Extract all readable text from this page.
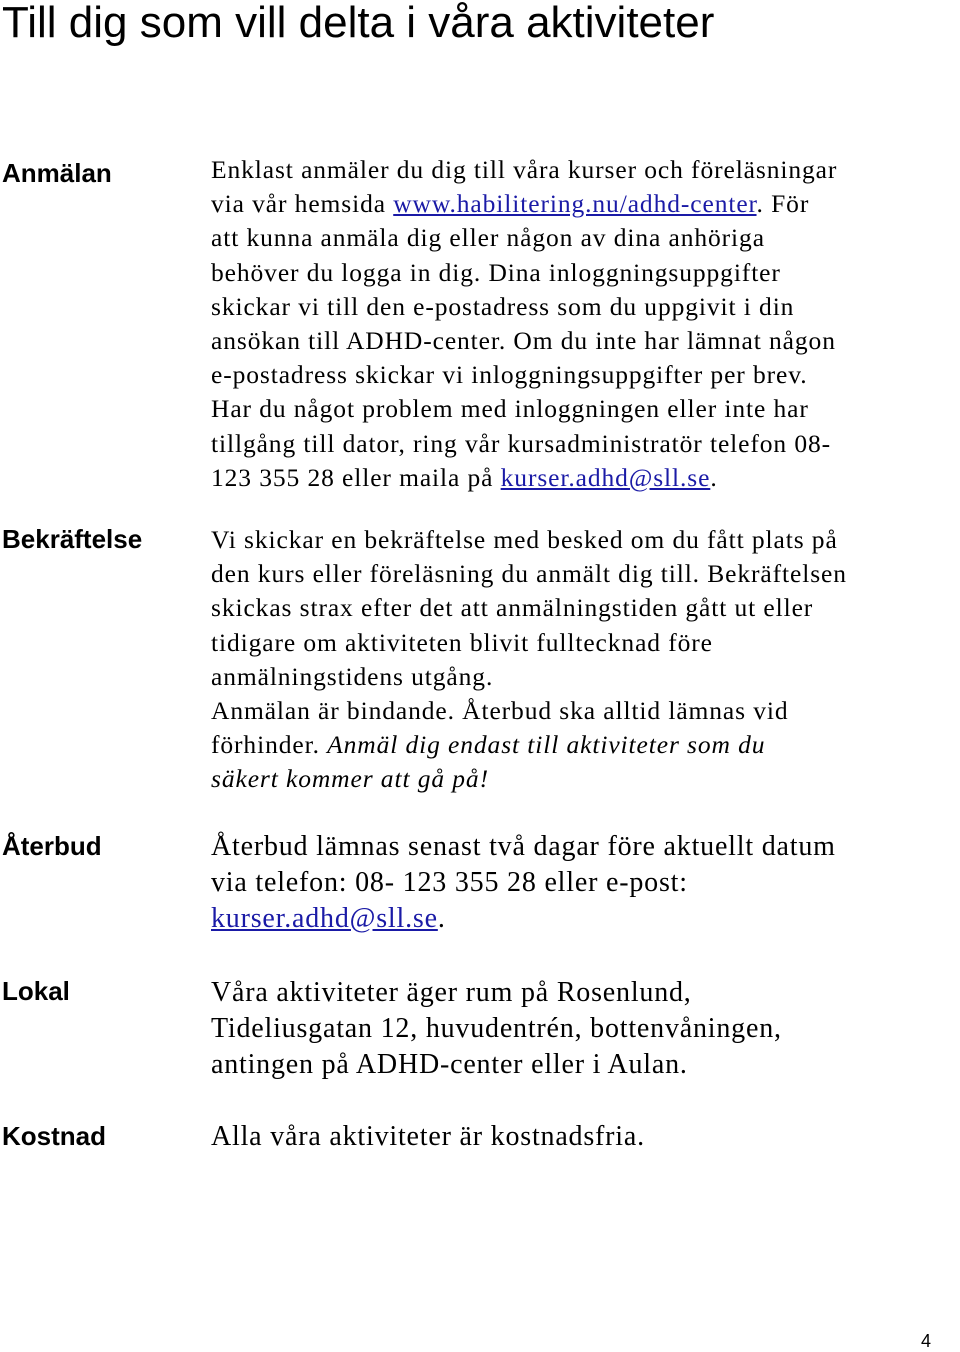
Till dig som vill delta i våra aktiviteter
Anmälan	Enklast anmäler du dig till våra kurser och föreläsningar
via vår hemsida www.habilitering.nu/adhd-center. För
att kunna anmäla dig eller någon av dina anhöriga
behöver du logga in dig. Dina inloggningsuppgifter
skickar vi till den e-postadress som du uppgivit i din
ansökan till ADHD-center. Om du inte har lämnat någon
e-postadress skickar vi inloggningsuppgifter per brev.
Har du något problem med inloggningen eller inte har
tillgång till dator, ring vår kursadministratör telefon 08-
123 355 28 eller maila på kurser.adhd@sll.se.
Bekräftelse	Vi skickar en bekräftelse med besked om du fått plats på
den kurs eller föreläsning du anmält dig till. Bekräftelsen
skickas strax efter det att anmälningstiden gått ut eller
tidigare om aktiviteten blivit fulltecknad före
anmälningstidens utgång.
Anmälan är bindande. Återbud ska alltid lämnas vid
förhinder. Anmäl dig endast till aktiviteter som du
säkert kommer att gå på!
Återbud	Återbud lämnas senast två dagar före aktuellt datum
via telefon: 08- 123 355 28 eller e-post:
kurser.adhd@sll.se.
Lokal	Våra aktiviteter äger rum på Rosenlund,
Tideliusgatan 12, huvudentrén, bottenvåningen,
antingen på ADHD-center eller i Aulan.
Kostnad	Alla våra aktiviteter är kostnadsfria.
4
